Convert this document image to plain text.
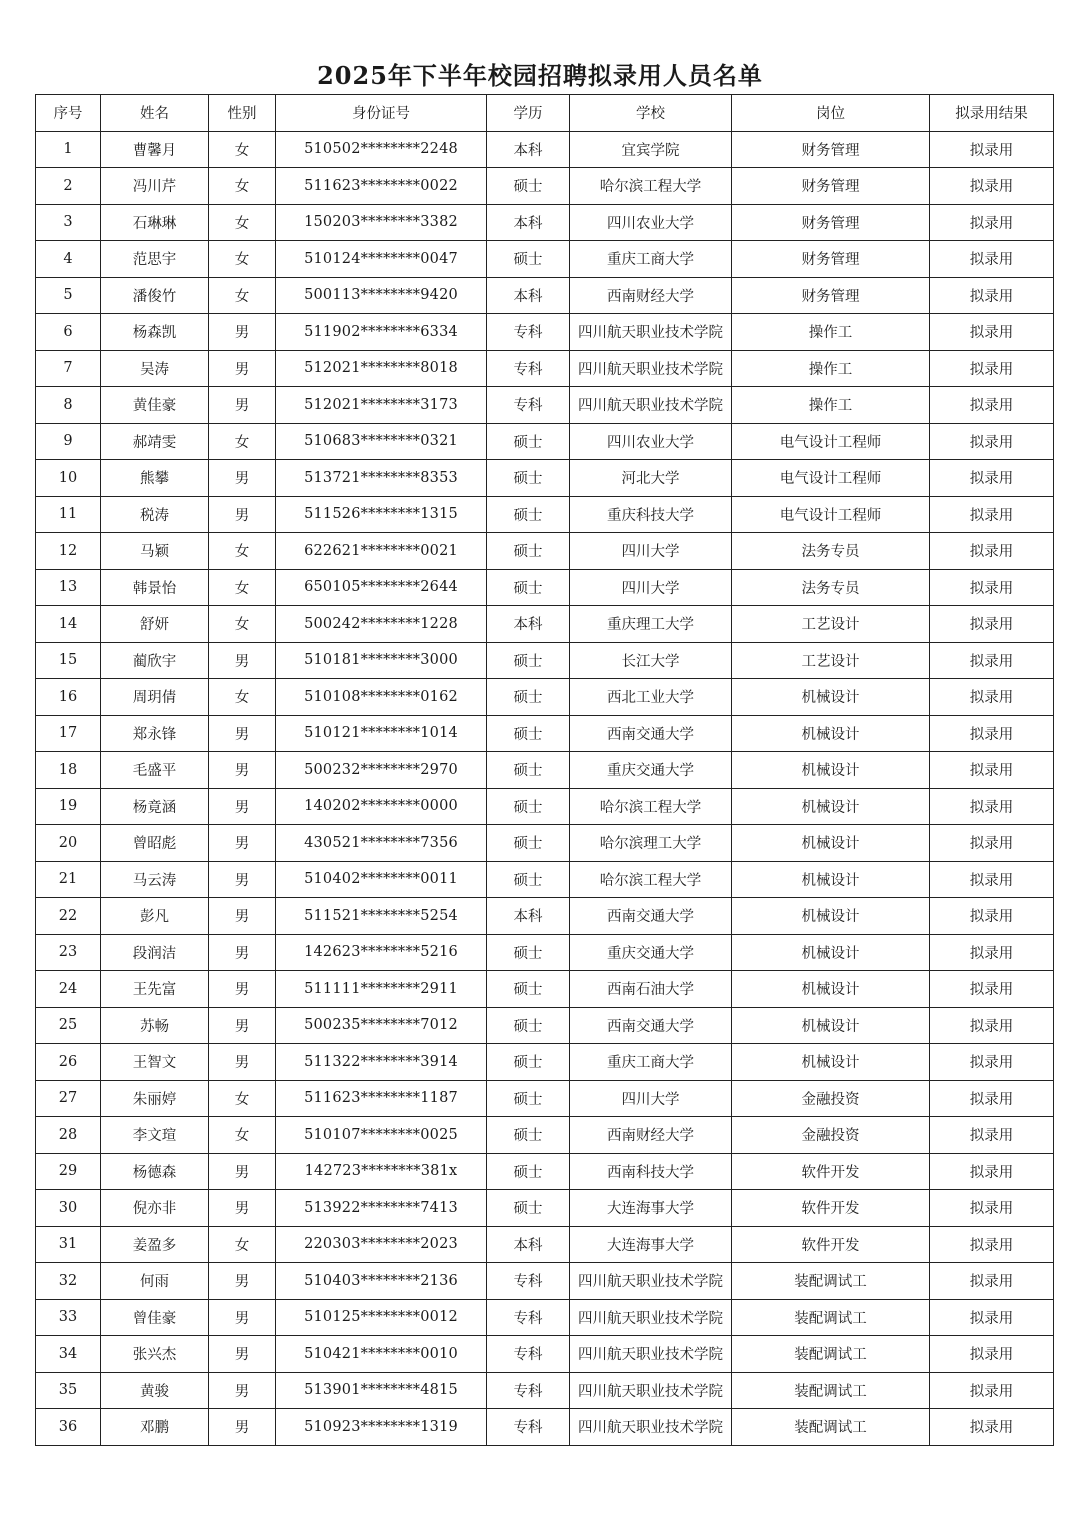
2025年下半年校园招聘拟录用人员名单
序号	姓名	性别	身份证号	学历	学校	岗位	拟录用结果
1	曹馨月	女	510502********2248	本科	宜宾学院	财务管理	拟录用
2	冯川芹	女	511623********0022	硕士	哈尔滨工程大学	财务管理	拟录用
3	石琳琳	女	150203********3382	本科	四川农业大学	财务管理	拟录用
4	范思宇	女	510124********0047	硕士	重庆工商大学	财务管理	拟录用
5	潘俊竹	女	500113********9420	本科	西南财经大学	财务管理	拟录用
6	杨森凯	男	511902********6334	专科	四川航天职业技术学院	操作工	拟录用
7	吴涛	男	512021********8018	专科	四川航天职业技术学院	操作工	拟录用
8	黄佳豪	男	512021********3173	专科	四川航天职业技术学院	操作工	拟录用
9	郝靖雯	女	510683********0321	硕士	四川农业大学	电气设计工程师	拟录用
10	熊攀	男	513721********8353	硕士	河北大学	电气设计工程师	拟录用
11	税涛	男	511526********1315	硕士	重庆科技大学	电气设计工程师	拟录用
12	马颖	女	622621********0021	硕士	四川大学	法务专员	拟录用
13	韩景怡	女	650105********2644	硕士	四川大学	法务专员	拟录用
14	舒妍	女	500242********1228	本科	重庆理工大学	工艺设计	拟录用
15	蔺欣宇	男	510181********3000	硕士	长江大学	工艺设计	拟录用
16	周玥倩	女	510108********0162	硕士	西北工业大学	机械设计	拟录用
17	郑永锋	男	510121********1014	硕士	西南交通大学	机械设计	拟录用
18	毛盛平	男	500232********2970	硕士	重庆交通大学	机械设计	拟录用
19	杨竟涵	男	140202********0000	硕士	哈尔滨工程大学	机械设计	拟录用
20	曾昭彪	男	430521********7356	硕士	哈尔滨理工大学	机械设计	拟录用
21	马云涛	男	510402********0011	硕士	哈尔滨工程大学	机械设计	拟录用
22	彭凡	男	511521********5254	本科	西南交通大学	机械设计	拟录用
23	段润洁	男	142623********5216	硕士	重庆交通大学	机械设计	拟录用
24	王先富	男	511111********2911	硕士	西南石油大学	机械设计	拟录用
25	苏畅	男	500235********7012	硕士	西南交通大学	机械设计	拟录用
26	王智文	男	511322********3914	硕士	重庆工商大学	机械设计	拟录用
27	朱丽婷	女	511623********1187	硕士	四川大学	金融投资	拟录用
28	李文瑄	女	510107********0025	硕士	西南财经大学	金融投资	拟录用
29	杨德森	男	142723********381x	硕士	西南科技大学	软件开发	拟录用
30	倪亦非	男	513922********7413	硕士	大连海事大学	软件开发	拟录用
31	姜盈多	女	220303********2023	本科	大连海事大学	软件开发	拟录用
32	何雨	男	510403********2136	专科	四川航天职业技术学院	装配调试工	拟录用
33	曾佳豪	男	510125********0012	专科	四川航天职业技术学院	装配调试工	拟录用
34	张兴杰	男	510421********0010	专科	四川航天职业技术学院	装配调试工	拟录用
35	黄骏	男	513901********4815	专科	四川航天职业技术学院	装配调试工	拟录用
36	邓鹏	男	510923********1319	专科	四川航天职业技术学院	装配调试工	拟录用
